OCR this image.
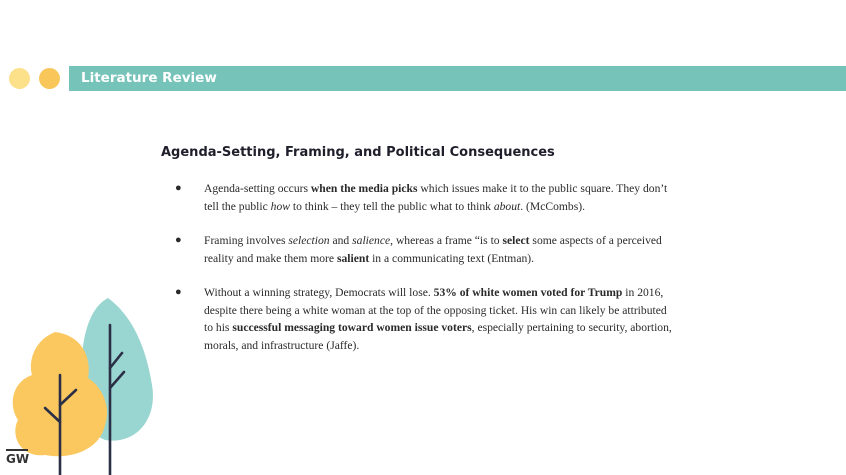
Literature Review
Agenda-Setting, Framing, and Political Consequences
● Agenda-setting occurs when the media picks which issues make it to the public square. They don’t tell the public how to think – they tell the public what to think about. (McCombs).
● Framing involves selection and salience, whereas a frame “is to select some aspects of a perceived reality and make them more salient in a communicating text (Entman).
● Without a winning strategy, Democrats will lose. 53% of white women voted for Trump in 2016, despite there being a white woman at the top of the opposing ticket. His win can likely be attributed to his successful messaging toward women issue voters, especially pertaining to security, abortion, morals, and infrastructure (Jaffe).
GW
